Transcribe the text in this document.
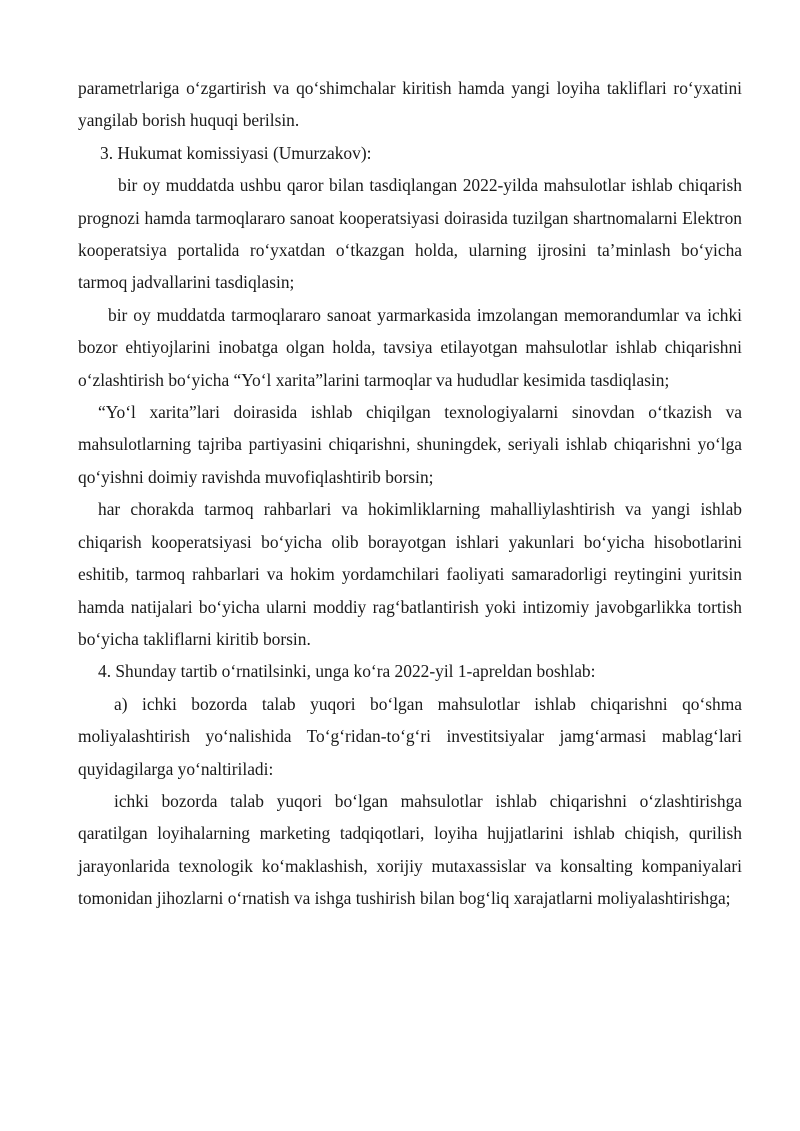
parametrlariga o‘zgartirish va qo‘shimchalar kiritish hamda yangi loyiha takliflari ro‘yxatini yangilab borish huquqi berilsin.

3. Hukumat komissiyasi (Umurzakov):

bir oy muddatda ushbu qaror bilan tasdiqlangan 2022-yilda mahsulotlar ishlab chiqarish prognozi hamda tarmoqlararo sanoat kooperatsiyasi doirasida tuzilgan shartnomalarni Elektron kooperatsiya portalida ro‘yxatdan o‘tkazgan holda, ularning ijrosini ta’minlash bo‘yicha tarmoq jadvallarini tasdiqlasin;

bir oy muddatda tarmoqlararo sanoat yarmarkasida imzolangan memorandumlar va ichki bozor ehtiyojlarini inobatga olgan holda, tavsiya etilayotgan mahsulotlar ishlab chiqarishni o‘zlashtirish bo‘yicha “Yo‘l xarita”larini tarmoqlar va hududlar kesimida tasdiqlasin;

“Yo‘l xarita”lari doirasida ishlab chiqilgan texnologiyalarni sinovdan o‘tkazish va mahsulotlarning tajriba partiyasini chiqarishni, shuningdek, seriyali ishlab chiqarishni yo‘lga qo‘yishni doimiy ravishda muvofiqlashtirib borsin;

har chorakda tarmoq rahbarlari va hokimliklarning mahalliylashtirish va yangi ishlab chiqarish kooperatsiyasi bo‘yicha olib borayotgan ishlari yakunlari bo‘yicha hisobotlarini eshitib, tarmoq rahbarlari va hokim yordamchilari faoliyati samaradorligi reytingini yuritsin hamda natijalari bo‘yicha ularni moddiy rag‘batlantirish yoki intizomiy javobgarlikka tortish bo‘yicha takliflarni kiritib borsin.

4. Shunday tartib o‘rnatilsinki, unga ko‘ra 2022-yil 1-apreldan boshlab:

a) ichki bozorda talab yuqori bo‘lgan mahsulotlar ishlab chiqarishni qo‘shma moliyalashtirish yo‘nalishida To‘g‘ridan-to‘g‘ri investitsiyalar jamg‘armasi mablag‘lari quyidagilarga yo‘naltiriladi:

ichki bozorda talab yuqori bo‘lgan mahsulotlar ishlab chiqarishni o‘zlashtirishga qaratilgan loyihalarning marketing tadqiqotlari, loyiha hujjatlarini ishlab chiqish, qurilish jarayonlarida texnologik ko‘maklashish, xorijiy mutaxassislar va konsalting kompaniyalari tomonidan jihozlarni o‘rnatish va ishga tushirish bilan bog‘liq xarajatlarni moliyalashtirishga;
